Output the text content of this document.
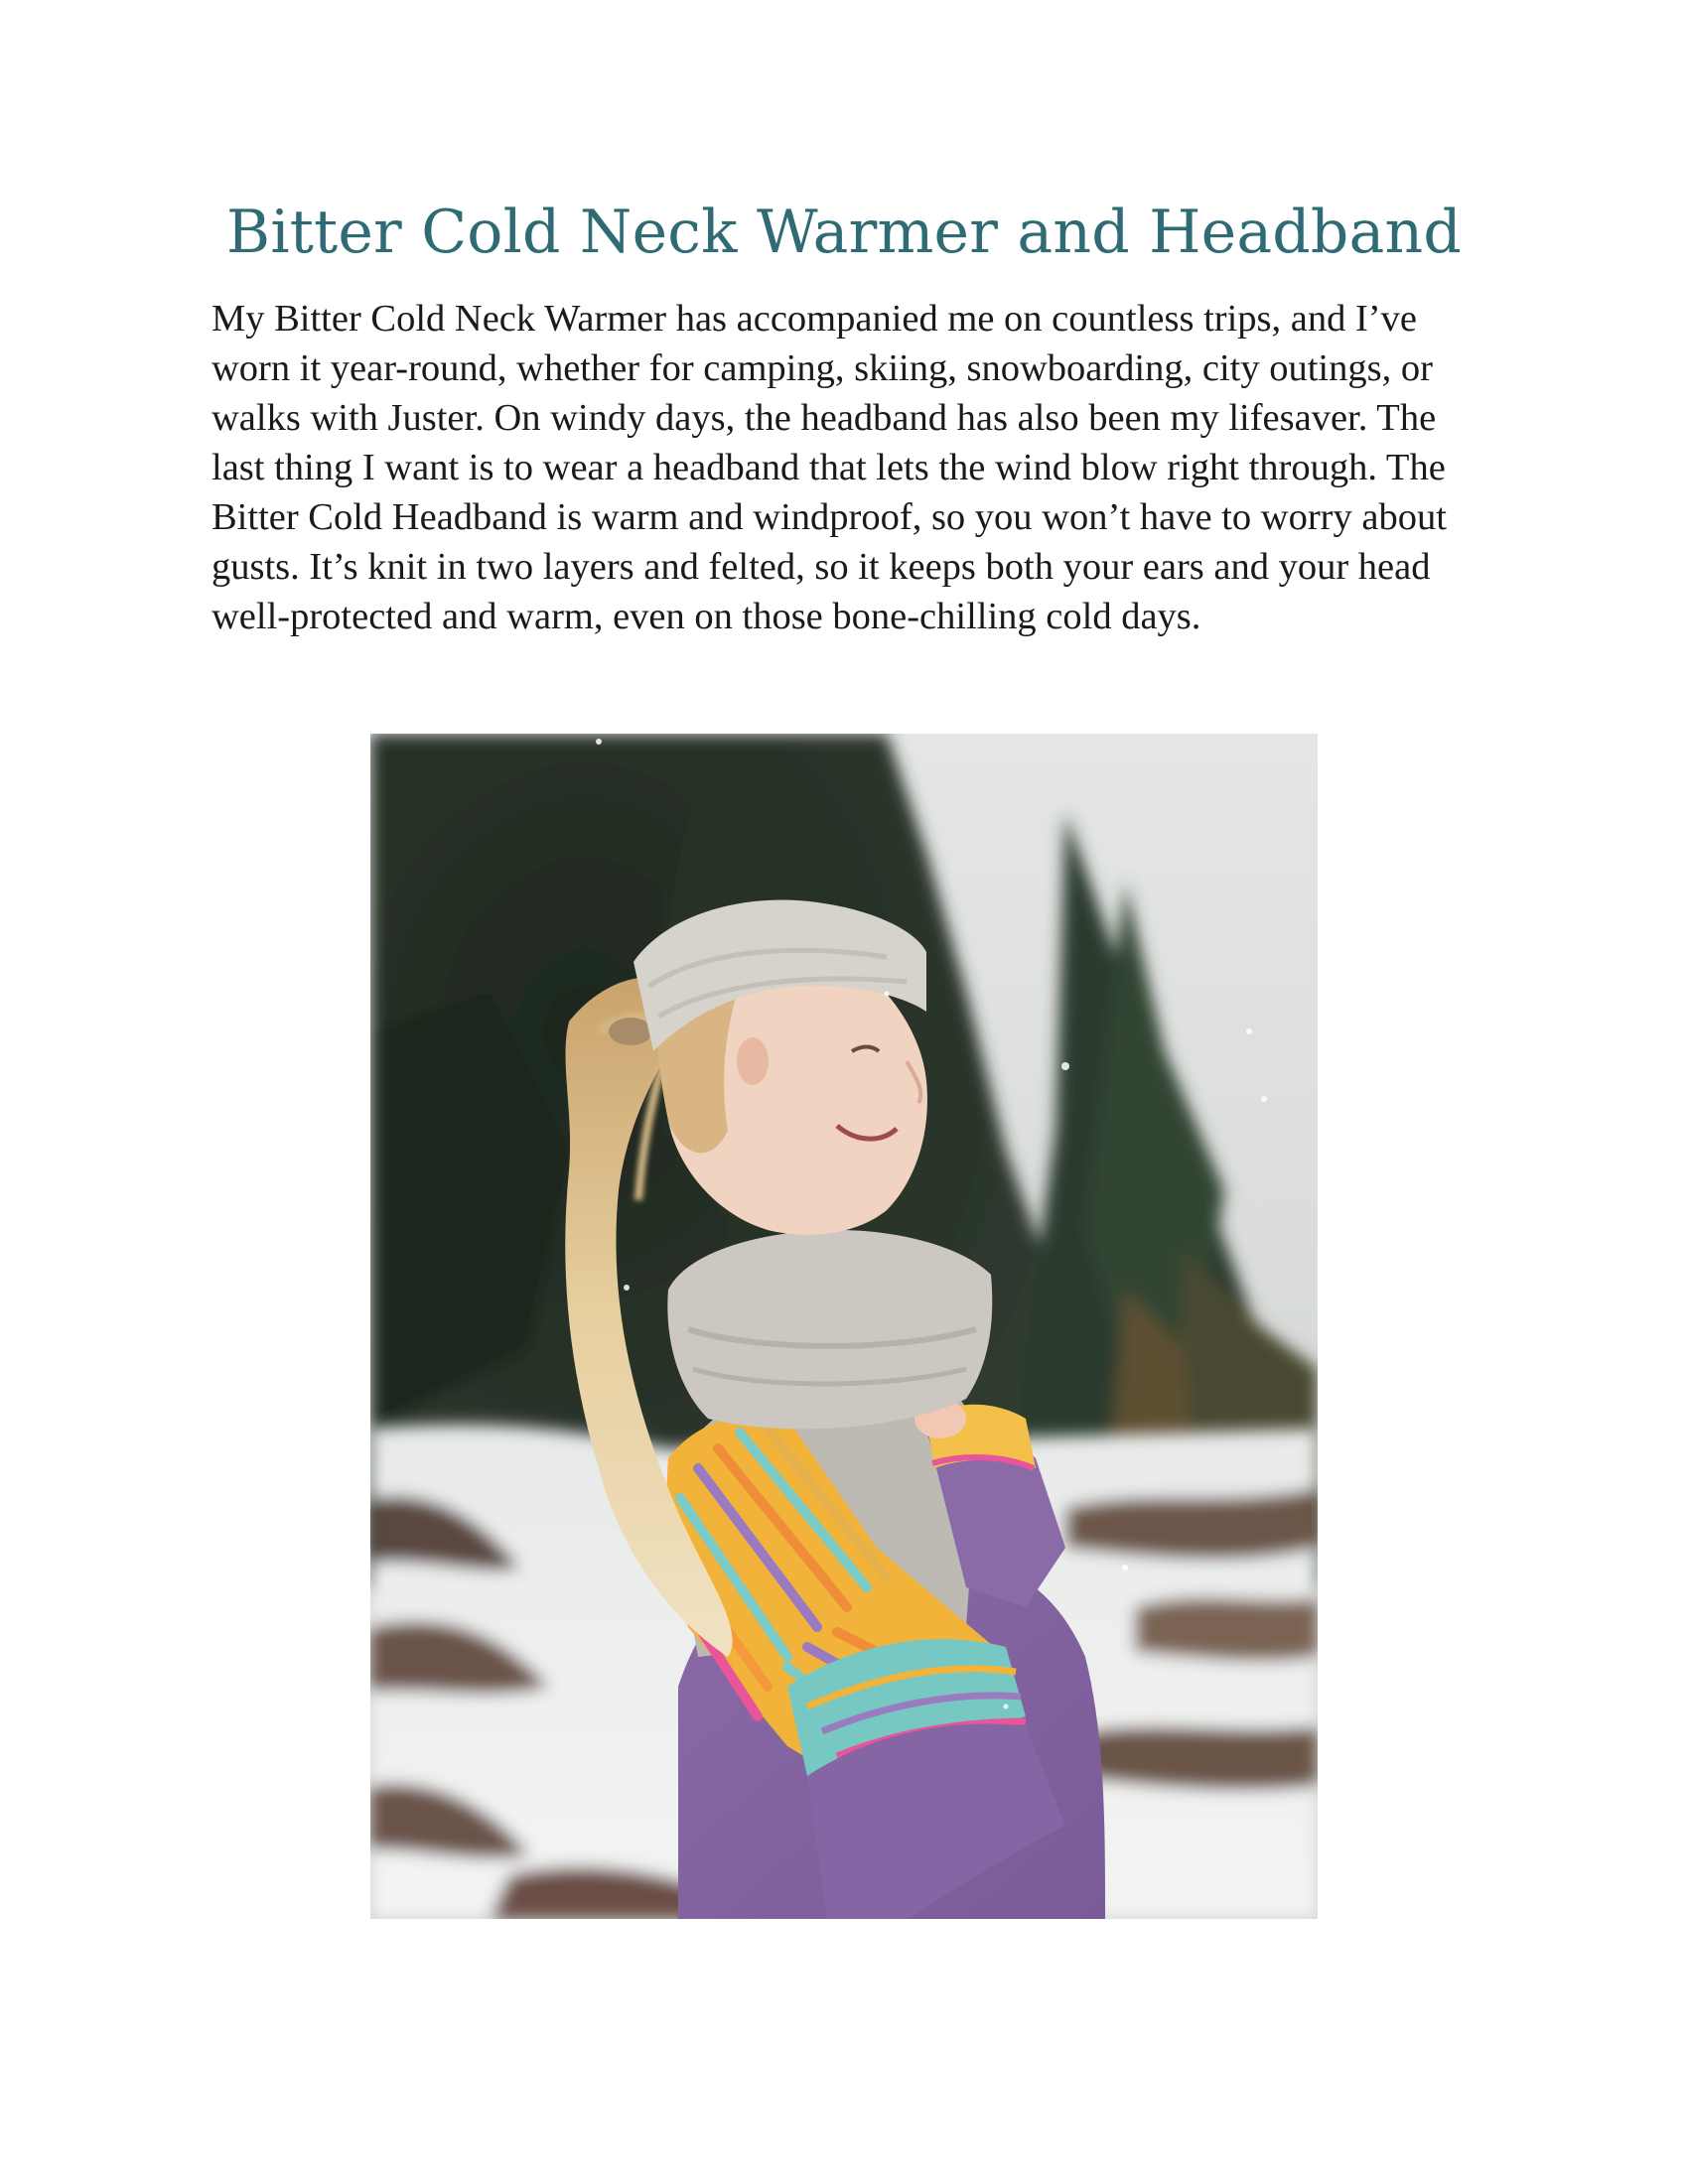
Bitter Cold Neck Warmer and Headband

My Bitter Cold Neck Warmer has accompanied me on countless trips, and I’ve worn it year-round, whether for camping, skiing, snowboarding, city outings, or walks with Juster. On windy days, the headband has also been my lifesaver. The last thing I want is to wear a headband that lets the wind blow right through. The Bitter Cold Headband is warm and windproof, so you won’t have to worry about gusts. It’s knit in two layers and felted, so it keeps both your ears and your head well-protected and warm, even on those bone-chilling cold days.
